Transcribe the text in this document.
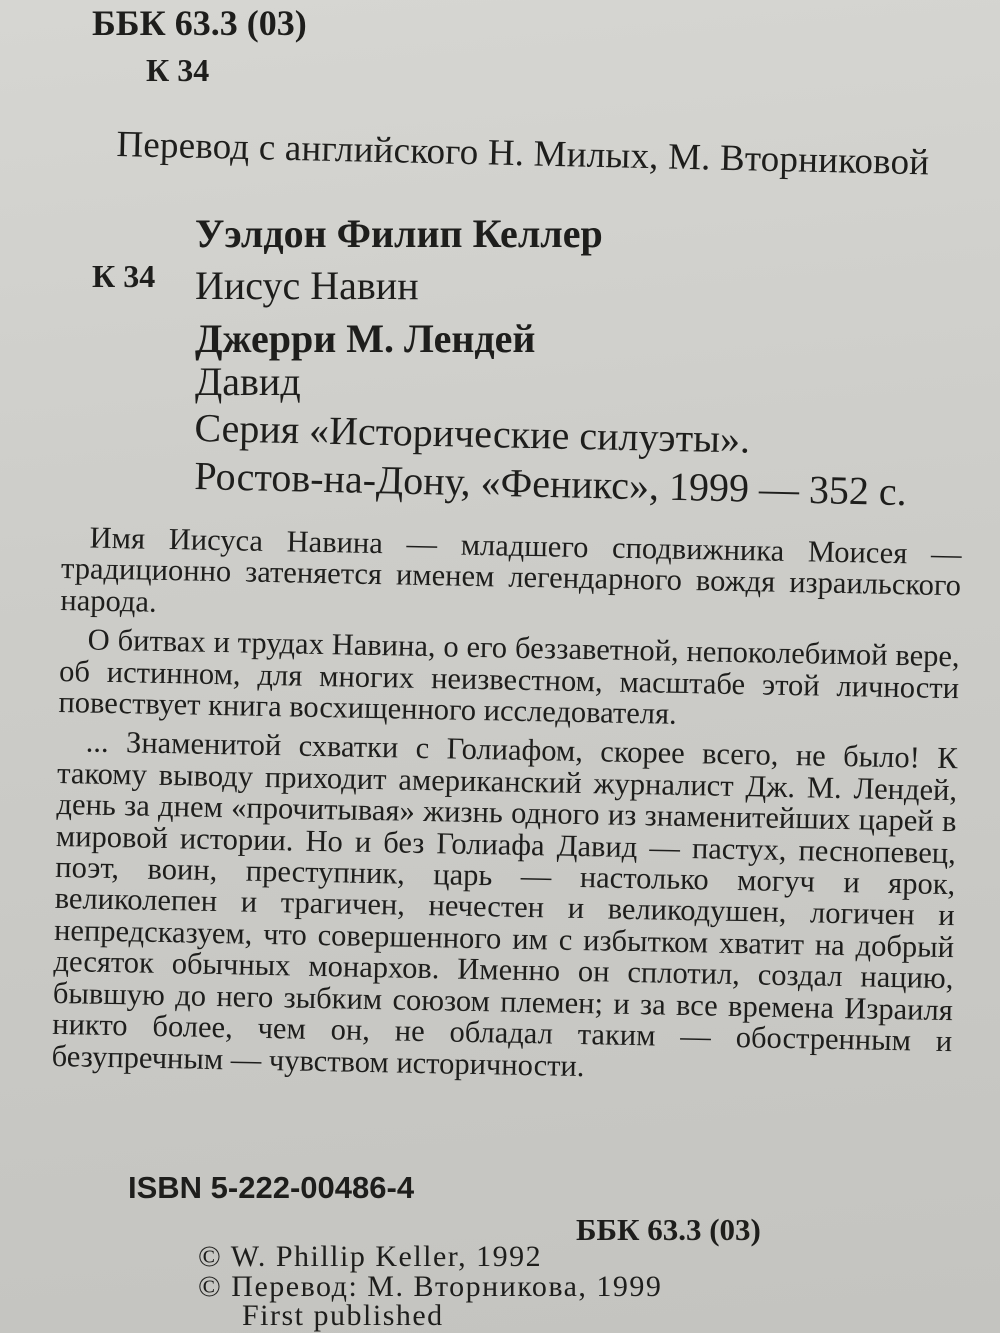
ББК 63.3 (03)
К 34
Перевод с английского Н. Милых, М. Вторниковой
Уэлдон Филип Келлер
К 34 Иисус Навин
Джерри М. Лендей
Давид
Серия «Исторические силуэты».
Ростов-на-Дону, «Феникс», 1999 — 352 с.

Имя Иисуса Навина — младшего сподвижника Моисея — традиционно затеняется именем легендарного вождя израильского народа.

О битвах и трудах Навина, о его беззаветной, непоколебимой вере, об истинном, для многих неизвестном, масштабе этой личности повествует книга восхищенного исследователя.

... Знаменитой схватки с Голиафом, скорее всего, не было! К такому выводу приходит американский журналист Дж. М. Лендей, день за днем «прочитывая» жизнь одного из знаменитейших царей в мировой истории. Но и без Голиафа Давид — пастух, песнопевец, поэт, воин, преступник, царь — настолько могуч и ярок, великолепен и трагичен, нечестен и великодушен, логичен и непредсказуем, что совершенного им с избытком хватит на добрый десяток обычных монархов. Именно он сплотил, создал нацию, бывшую до него зыбким союзом племен; и за все времена Израиля никто более, чем он, не обладал таким — обостренным и безупречным — чувством историчности.

ISBN 5-222-00486-4
ББК 63.3 (03)
© W. Phillip Keller, 1992
© Перевод: М. Вторникова, 1999
First published
